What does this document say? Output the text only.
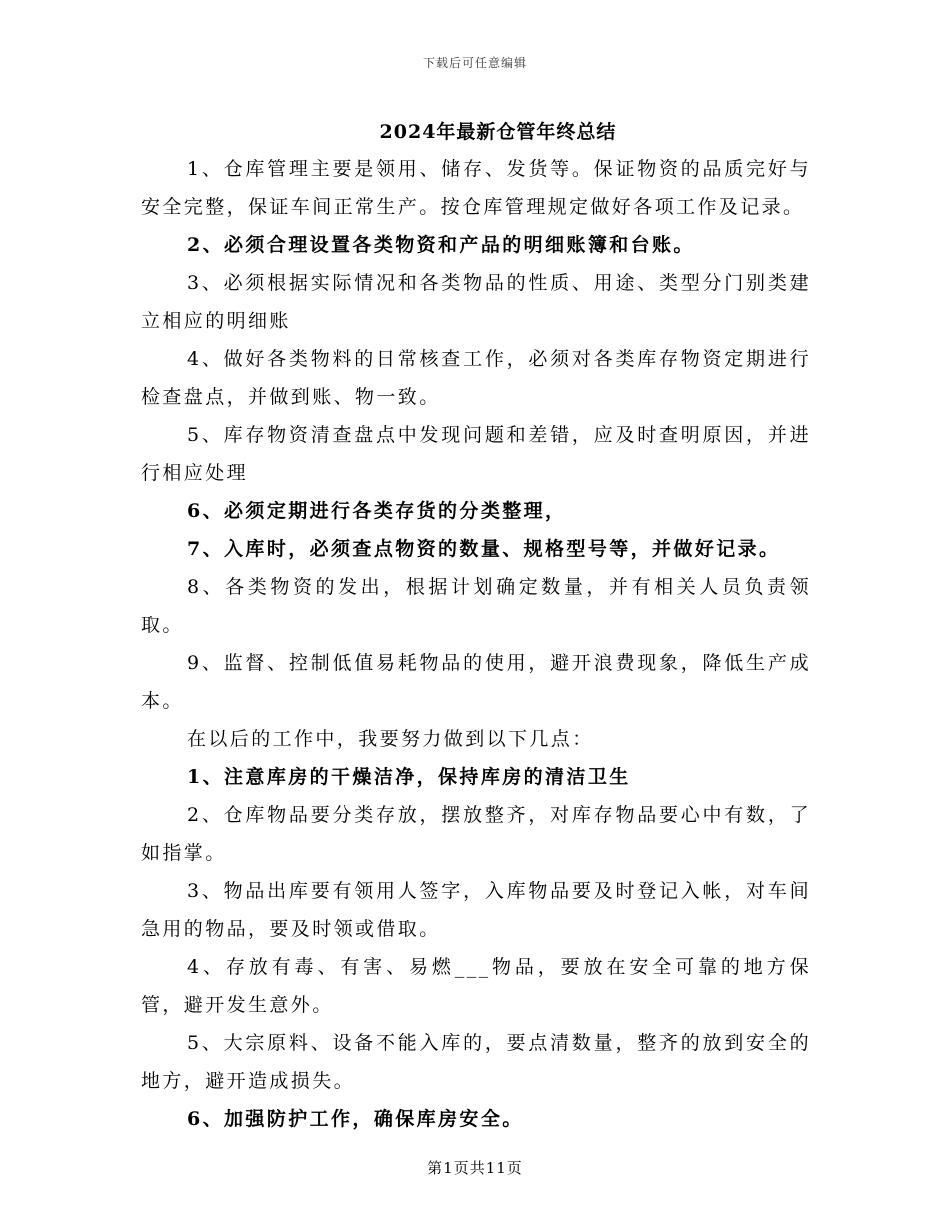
下载后可任意编辑
2024年最新仓管年终总结

1、仓库管理主要是领用、储存、发货等。保证物资的品质完好与安全完整，保证车间正常生产。按仓库管理规定做好各项工作及记录。

2、必须合理设置各类物资和产品的明细账簿和台账。

3、必须根据实际情况和各类物品的性质、用途、类型分门别类建立相应的明细账

4、做好各类物料的日常核查工作，必须对各类库存物资定期进行检查盘点，并做到账、物一致。

5、库存物资清查盘点中发现问题和差错，应及时查明原因，并进行相应处理

6、必须定期进行各类存货的分类整理，

7、入库时，必须查点物资的数量、规格型号等，并做好记录。

8、各类物资的发出，根据计划确定数量，并有相关人员负责领取。

9、监督、控制低值易耗物品的使用，避开浪费现象，降低生产成本。

在以后的工作中，我要努力做到以下几点：

1、注意库房的干燥洁净，保持库房的清洁卫生

2、仓库物品要分类存放，摆放整齐，对库存物品要心中有数，了如指掌。

3、物品出库要有领用人签字，入库物品要及时登记入帐，对车间急用的物品，要及时领或借取。

4、存放有毒、有害、易燃___物品，要放在安全可靠的地方保管，避开发生意外。

5、大宗原料、设备不能入库的，要点清数量，整齐的放到安全的地方，避开造成损失。

6、加强防护工作，确保库房安全。

第1页共11页
